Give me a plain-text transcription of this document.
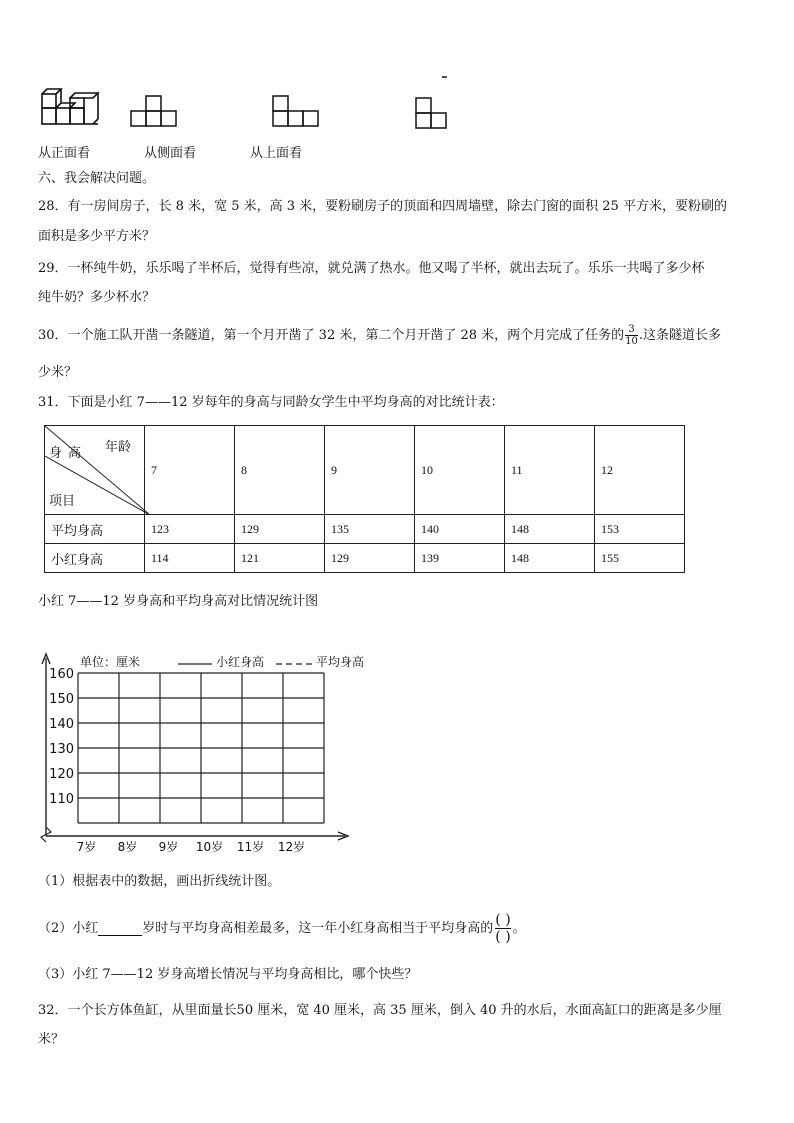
从正面看	从侧面看	从上面看
六、我会解决问题。
28．有一房间房子，长 8 米，宽 5 米，高 3 米，要粉刷房子的顶面和四周墙壁，除去门窗的面积 25 平方米，要粉刷的
面积是多少平方米？
29．一杯纯牛奶，乐乐喝了半杯后，觉得有些凉，就兑满了热水。他又喝了半杯，就出去玩了。乐乐一共喝了多少杯
纯牛奶？多少杯水？
30．一个施工队开凿一条隧道，第一个月开凿了 32 米，第二个月开凿了 28 米，两个月完成了任务的 $\frac{3}{10}$ .这条隧道长多
少米？
31．下面是小红 7——12 岁每年的身高与同龄女学生中平均身高的对比统计表：
年龄
身高
项目	7	8	9	10	11	12
平均身高	123	129	135	140	148	153
小红身高	114	121	129	139	148	155
小红 7——12 岁身高和平均身高对比情况统计图
160
150
140
130
120
110
7岁 8岁 9岁 10岁 11岁 12岁
单位：厘米	小红身高	平均身高
（1）根据表中的数据，画出折线统计图。
（2）小红	岁时与平均身高相差最多，这一年小红身高相当于平均身高的 ( )
( )
。
（3）小红 7——12 岁身高增长情况与平均身高相比，哪个快些？
32．一个长方体鱼缸，从里面量长50 厘米，宽 40 厘米，高 35 厘米，倒入 40 升的水后，水面高缸口的距离是多少厘
米？
